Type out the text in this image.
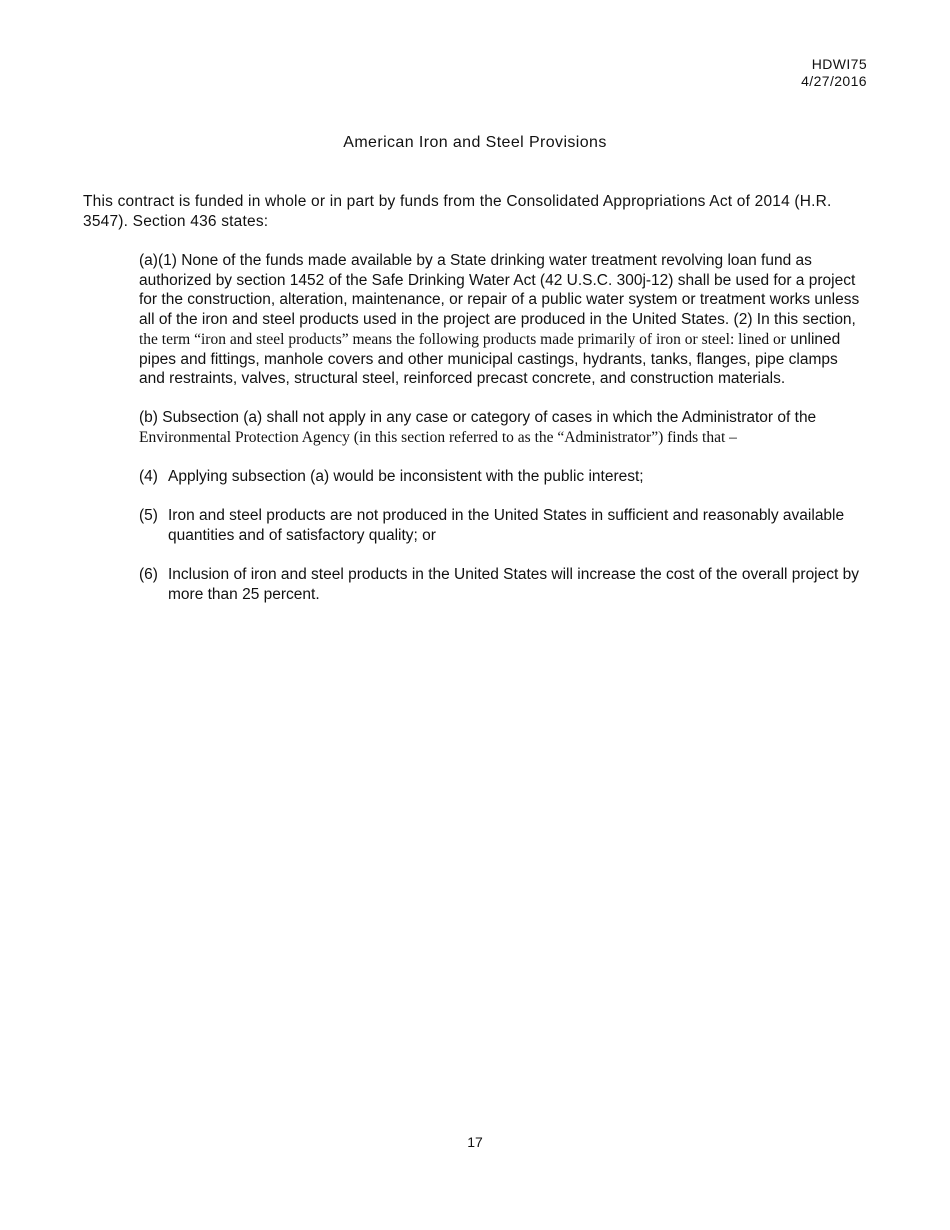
HDWI75
4/27/2016
American Iron and Steel Provisions
This contract is funded in whole or in part by funds from the Consolidated Appropriations Act of 2014 (H.R. 3547). Section 436 states:
(a)(1) None of the funds made available by a State drinking water treatment revolving loan fund as authorized by section 1452 of the Safe Drinking Water Act (42 U.S.C. 300j-12) shall be used for a project for the construction, alteration, maintenance, or repair of a public water system or treatment works unless all of the iron and steel products used in the project are produced in the United States. (2) In this section, the term “iron and steel products” means the following products made primarily of iron or steel: lined or unlined pipes and fittings, manhole covers and other municipal castings, hydrants, tanks, flanges, pipe clamps and restraints, valves, structural steel, reinforced precast concrete, and construction materials.
(b) Subsection (a) shall not apply in any case or category of cases in which the Administrator of the Environmental Protection Agency (in this section referred to as the “Administrator”) finds that –
(4) Applying subsection (a) would be inconsistent with the public interest;
(5) Iron and steel products are not produced in the United States in sufficient and reasonably available quantities and of satisfactory quality; or
(6) Inclusion of iron and steel products in the United States will increase the cost of the overall project by more than 25 percent.
17
